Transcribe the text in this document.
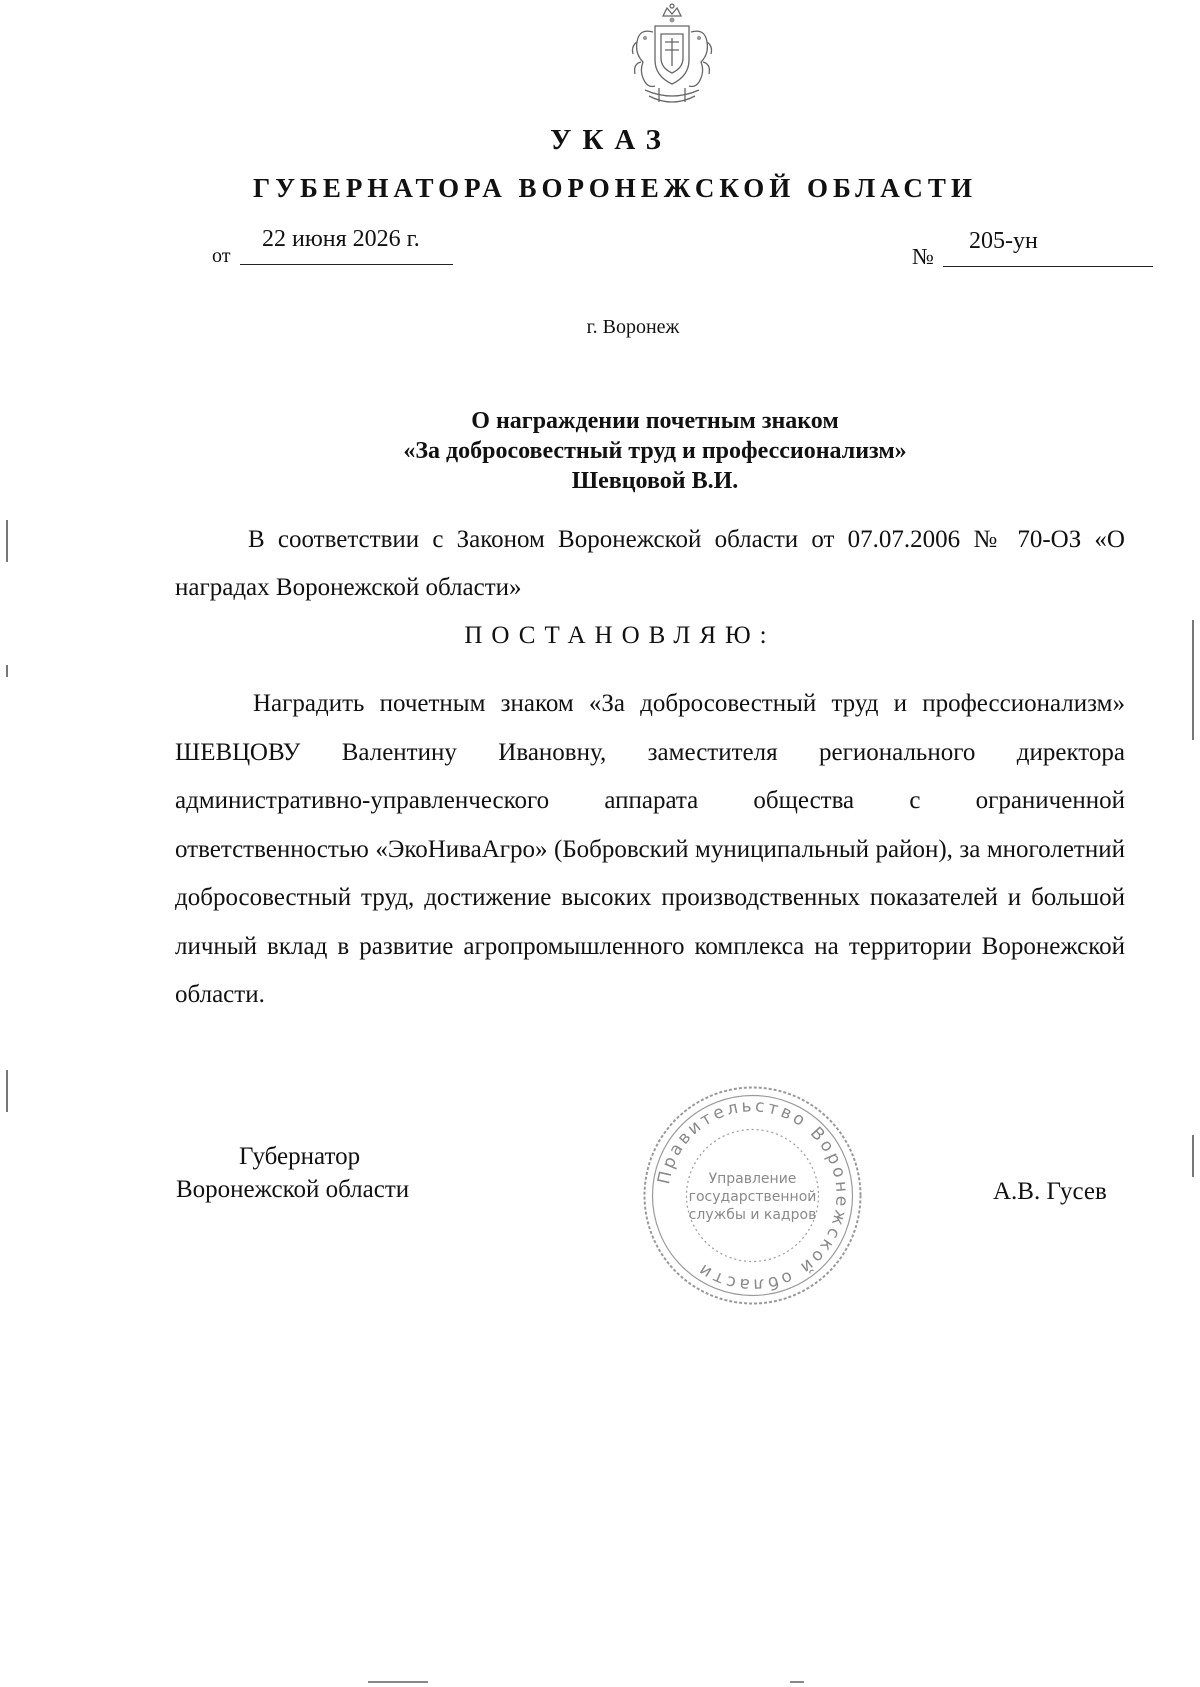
УКАЗ
ГУБЕРНАТОРА ВОРОНЕЖСКОЙ ОБЛАСТИ
от
22 июня 2026 г.
№
205-ун
г. Воронеж
О награждении почетным знаком
«За добросовестный труд и профессионализм»
Шевцовой В.И.
В соответствии с Законом Воронежской области от 07.07.2006 № 70-ОЗ «О наградах Воронежской области»
ПОСТАНОВЛЯЮ:
Наградить почетным знаком «За добросовестный труд и профессионализм» ШЕВЦОВУ Валентину Ивановну, заместителя регионального директора административно-управленческого аппарата общества с ограниченной ответственностью «ЭкоНиваАгро» (Бобровский муниципальный район), за многолетний добросовестный труд, достижение высоких производственных показателей и большой личный вклад в развитие агропромышленного комплекса на территории Воронежской области.
Губернатор
Воронежской области	А.В. Гусев
Правительство Воронежской области
Управление
государственной
службы и кадров
